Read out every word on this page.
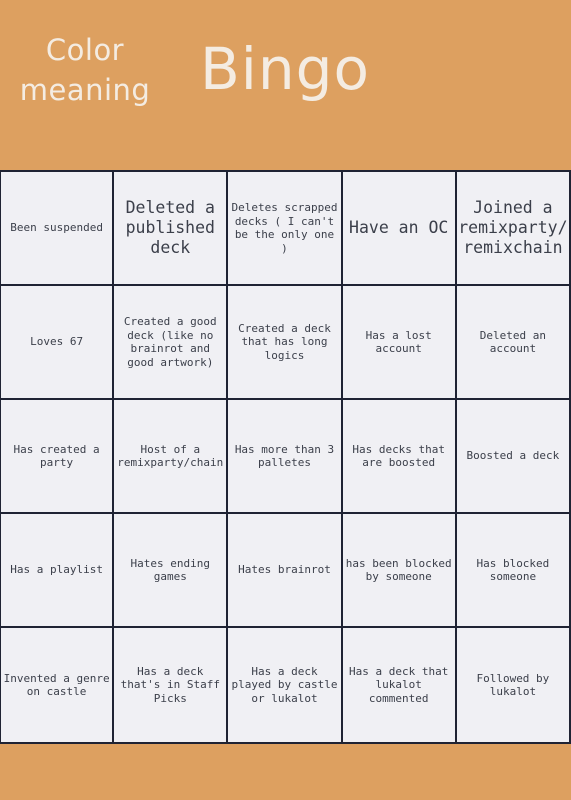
Color
meaning Bingo
Been suspended
Deleted a published deck
Deletes scrapped decks ( I can't be the only one )
Have an OC
Joined a remixparty/remixchain
Loves 67
Created a good deck (like no brainrot and good artwork)
Created a deck that has long logics
Has a lost account
Deleted an account
Has created a party
Host of a remixparty/chain
Has more than 3 palletes
Has decks that are boosted
Boosted a deck
Has a playlist
Hates ending games
Hates brainrot
has been blocked by someone
Has blocked someone
Invented a genre on castle
Has a deck that's in Staff Picks
Has a deck played by castle or lukalot
Has a deck that lukalot commented
Followed by lukalot
